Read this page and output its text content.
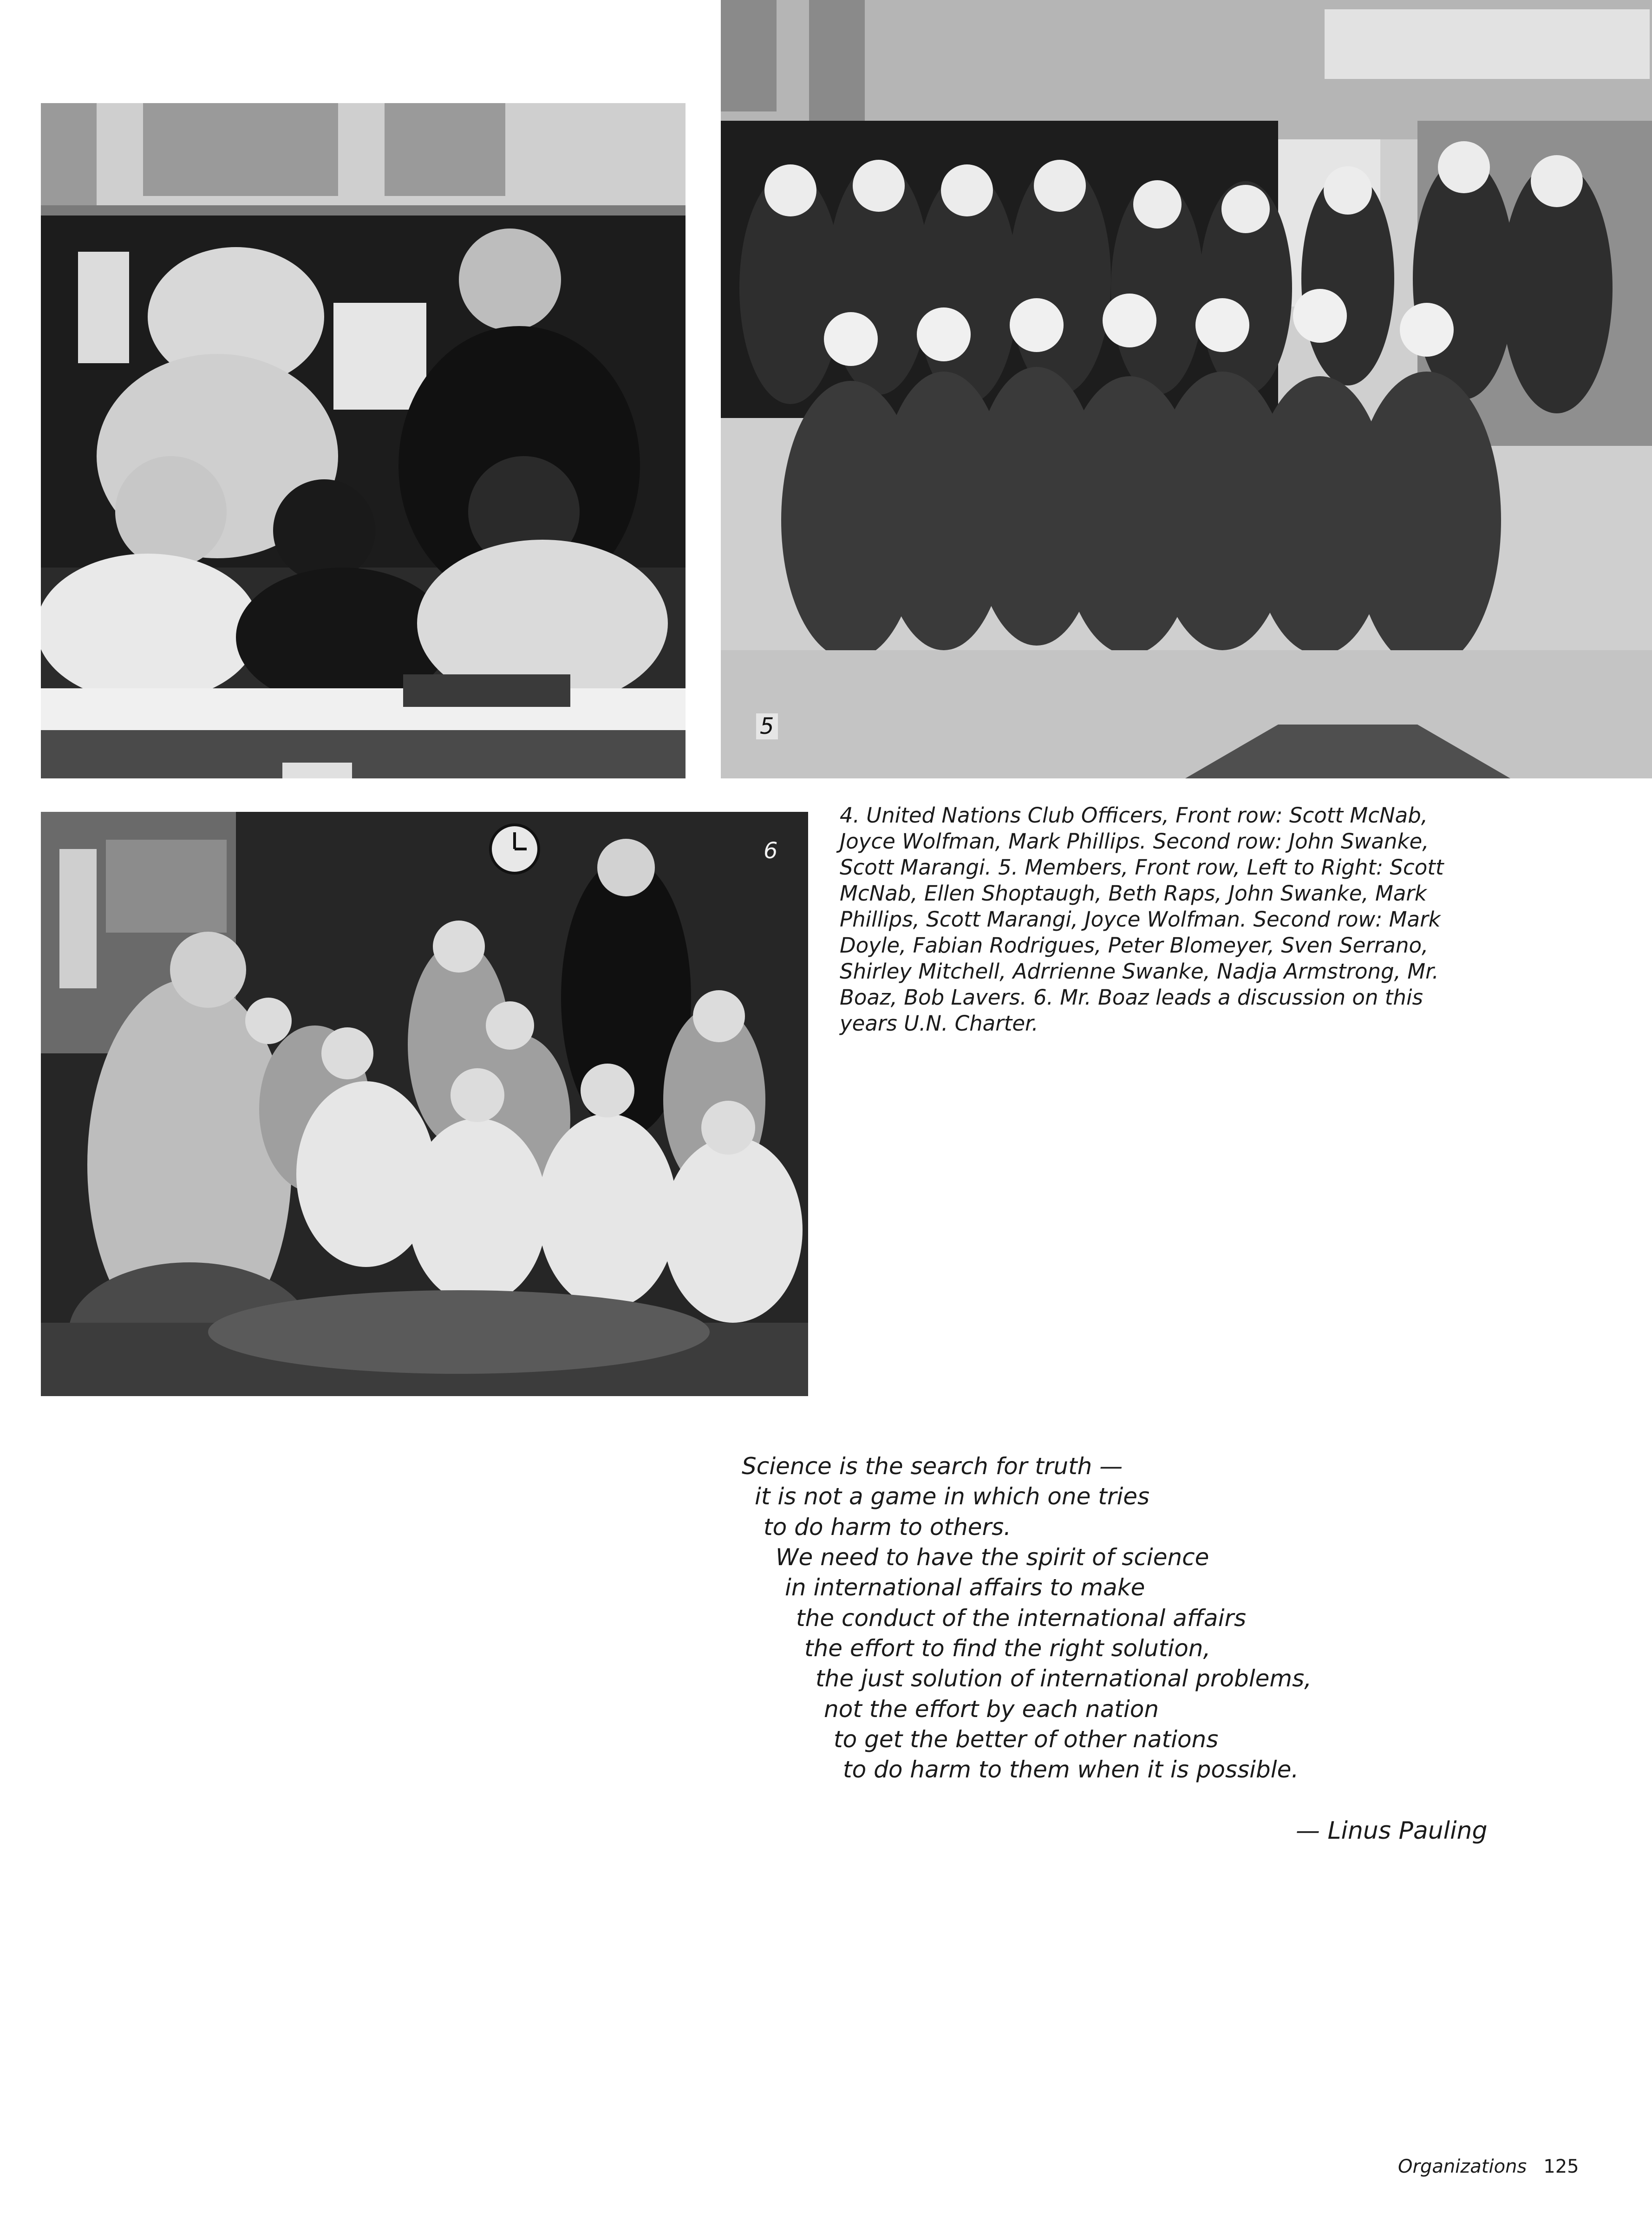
5
6

4. United Nations Club Officers, Front row: Scott McNab, Joyce Wolfman, Mark Phillips. Second row: John Swanke, Scott Marangi. 5. Members, Front row, Left to Right: Scott McNab, Ellen Shoptaugh, Beth Raps, John Swanke, Mark Phillips, Scott Marangi, Joyce Wolfman. Second row: Mark Doyle, Fabian Rodrigues, Peter Blomeyer, Sven Serrano, Shirley Mitchell, Adrrienne Swanke, Nadja Armstrong, Mr. Boaz, Bob Lavers. 6. Mr. Boaz leads a discussion on this years U.N. Charter.

Science is the search for truth —
it is not a game in which one tries
to do harm to others.
We need to have the spirit of science
in international affairs to make
the conduct of the international affairs
the effort to find the right solution,
the just solution of international problems,
not the effort by each nation
to get the better of other nations
to do harm to them when it is possible.
— Linus Pauling
Organizations 125
